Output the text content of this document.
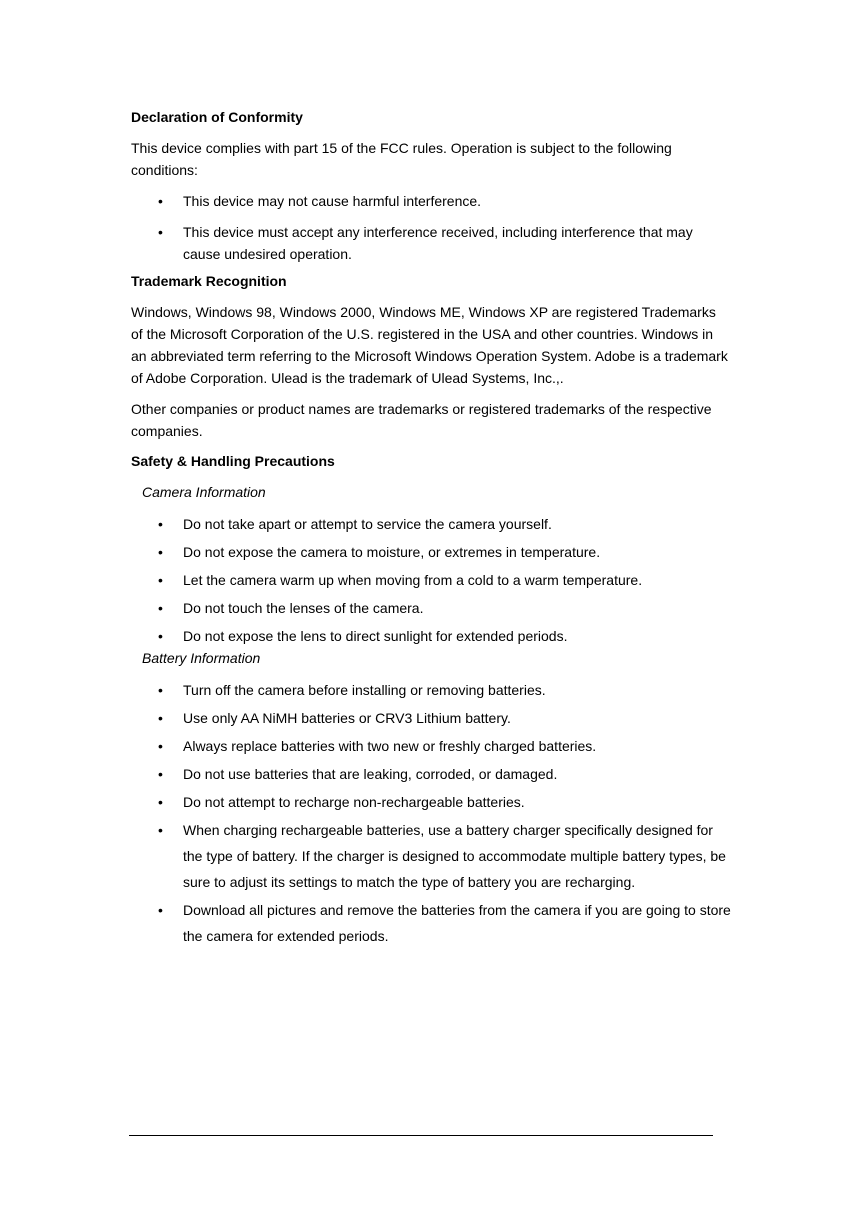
Declaration of Conformity

This device complies with part 15 of the FCC rules. Operation is subject to the following conditions:

• This device may not cause harmful interference.
• This device must accept any interference received, including interference that may cause undesired operation.
Trademark Recognition

Windows, Windows 98, Windows 2000, Windows ME, Windows XP are registered Trademarks of the Microsoft Corporation of the U.S. registered in the USA and other countries. Windows in an abbreviated term referring to the Microsoft Windows Operation System. Adobe is a trademark of Adobe Corporation. Ulead is the trademark of Ulead Systems, Inc.,.

Other companies or product names are trademarks or registered trademarks of the respective companies.

Safety & Handling Precautions

Camera Information

• Do not take apart or attempt to service the camera yourself.
• Do not expose the camera to moisture, or extremes in temperature.
• Let the camera warm up when moving from a cold to a warm temperature.
• Do not touch the lenses of the camera.
• Do not expose the lens to direct sunlight for extended periods.

Battery Information

• Turn off the camera before installing or removing batteries.
• Use only AA NiMH batteries or CRV3 Lithium battery.
• Always replace batteries with two new or freshly charged batteries.
• Do not use batteries that are leaking, corroded, or damaged.
• Do not attempt to recharge non-rechargeable batteries.
• When charging rechargeable batteries, use a battery charger specifically designed for the type of battery. If the charger is designed to accommodate multiple battery types, be sure to adjust its settings to match the type of battery you are recharging.
• Download all pictures and remove the batteries from the camera if you are going to store the camera for extended periods.
